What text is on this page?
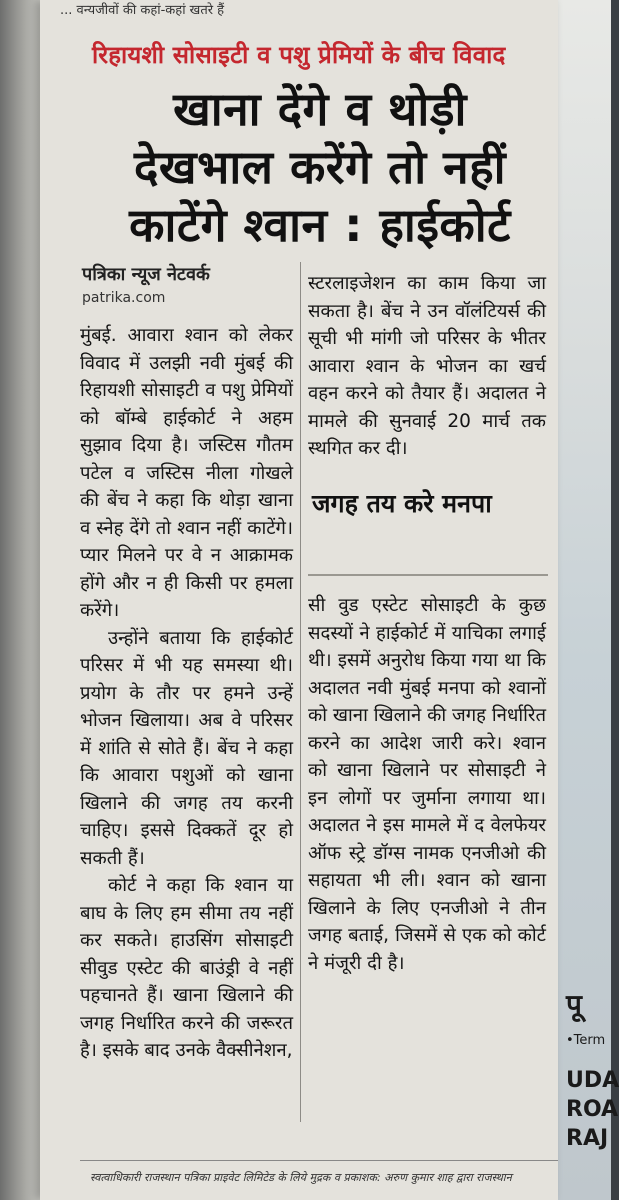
पू
•Term
UDA
ROA
RAJ
... वन्यजीवों की कहां-कहां खतरे हैं
रिहायशी सोसाइटी व पशु प्रेमियों के बीच विवाद
खाना देंगे व थोड़ी
देखभाल करेंगे तो नहीं
काटेंगे श्वान : हाईकोर्ट
पत्रिका न्यूज नेटवर्क
patrika.com

मुंबई. आवारा श्वान को लेकर विवाद में उलझी नवी मुंबई की रिहायशी सोसाइटी व पशु प्रेमियों को बॉम्बे हाईकोर्ट ने अहम सुझाव दिया है। जस्टिस गौतम पटेल व जस्टिस नीला गोखले की बेंच ने कहा कि थोड़ा खाना व स्नेह देंगे तो श्वान नहीं काटेंगे। प्यार मिलने पर वे न आक्रामक होंगे और न ही किसी पर हमला करेंगे।

उन्होंने बताया कि हाईकोर्ट परिसर में भी यह समस्या थी। प्रयोग के तौर पर हमने उन्हें भोजन खिलाया। अब वे परिसर में शांति से सोते हैं। बेंच ने कहा कि आवारा पशुओं को खाना खिलाने की जगह तय करनी चाहिए। इससे दिक्कतें दूर हो सकती हैं।

कोर्ट ने कहा कि श्वान या बाघ के लिए हम सीमा तय नहीं कर सकते। हाउसिंग सोसाइटी सीवुड एस्टेट की बाउंड्री वे नहीं पहचानते हैं। खाना खिलाने की जगह निर्धारित करने की जरूरत है। इसके बाद उनके वैक्सीनेशन,

स्टरलाइजेशन का काम किया जा सकता है। बेंच ने उन वॉलंटियर्स की सूची भी मांगी जो परिसर के भीतर आवारा श्वान के भोजन का खर्च वहन करने को तैयार हैं। अदालत ने मामले की सुनवाई 20 मार्च तक स्थगित कर दी।
जगह तय करे मनपा
सी वुड एस्टेट सोसाइटी के कुछ सदस्यों ने हाईकोर्ट में याचिका लगाई थी। इसमें अनुरोध किया गया था कि अदालत नवी मुंबई मनपा को श्वानों को खाना खिलाने की जगह निर्धारित करने का आदेश जारी करे। श्वान को खाना खिलाने पर सोसाइटी ने इन लोगों पर जुर्माना लगाया था। अदालत ने इस मामले में द वेलफेयर ऑफ स्ट्रे डॉग्स नामक एनजीओ की सहायता भी ली। श्वान को खाना खिलाने के लिए एनजीओ ने तीन जगह बताई, जिसमें से एक को कोर्ट ने मंजूरी दी है।
स्वत्वाधिकारी राजस्थान पत्रिका प्राइवेट लिमिटेड के लिये मुद्रक व प्रकाशक: अरुण कुमार शाह द्वारा राजस्थान
